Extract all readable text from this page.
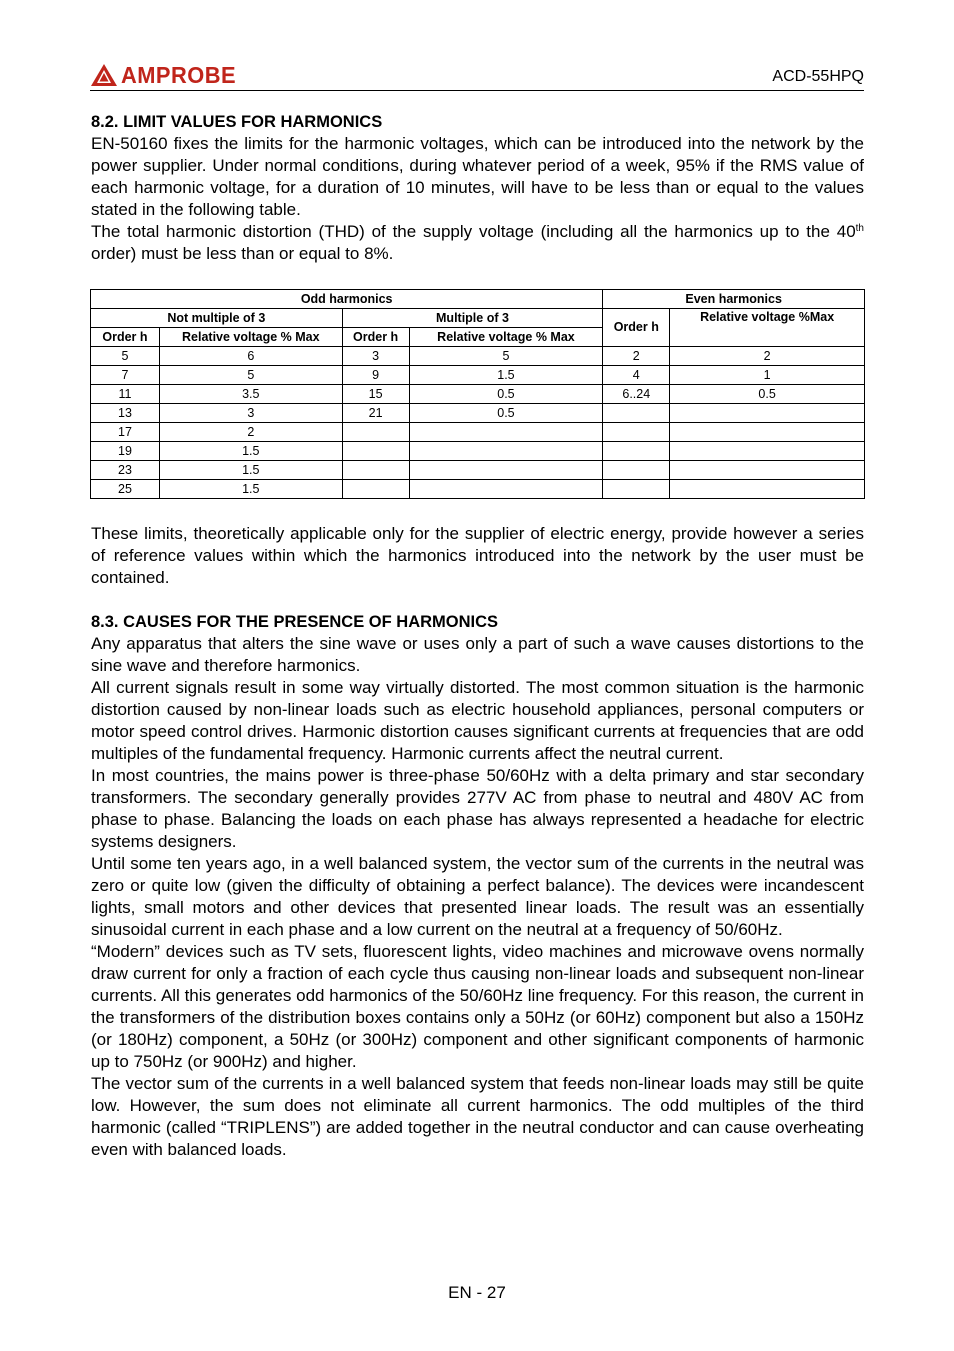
AMPROBE	ACD-55HPQ
8.2. LIMIT VALUES FOR HARMONICS

EN-50160 fixes the limits for the harmonic voltages, which can be introduced into the network by the power supplier. Under normal conditions, during whatever period of a week, 95% if the RMS value of each harmonic voltage, for a duration of 10 minutes, will have to be less than or equal to the values stated in the following table.

The total harmonic distortion (THD) of the supply voltage (including all the harmonics up to the 40th order) must be less than or equal to 8%.

Odd harmonics				Even harmonics	
Not multiple of 3		Multiple of 3		Order h	Relative voltage %Max
Order h	Relative voltage % Max	Order h	Relative voltage % Max		
5	6	3	5	2	2
7	5	9	1.5	4	1
11	3.5	15	0.5	6..24	0.5
13	3	21	0.5		
17	2				
19	1.5				
23	1.5				
25	1.5				

These limits, theoretically applicable only for the supplier of electric energy, provide however a series of reference values within which the harmonics introduced into the network by the user must be contained.

8.3. CAUSES FOR THE PRESENCE OF HARMONICS

Any apparatus that alters the sine wave or uses only a part of such a wave causes distortions to the sine wave and therefore harmonics.

All current signals result in some way virtually distorted. The most common situation is the harmonic distortion caused by non-linear loads such as electric household appliances, personal computers or motor speed control drives. Harmonic distortion causes significant currents at frequencies that are odd multiples of the fundamental frequency. Harmonic currents affect the neutral current.

In most countries, the mains power is three-phase 50/60Hz with a delta primary and star secondary transformers. The secondary generally provides 277V AC from phase to neutral and 480V AC from phase to phase. Balancing the loads on each phase has always represented a headache for electric systems designers.

Until some ten years ago, in a well balanced system, the vector sum of the currents in the neutral was zero or quite low (given the difficulty of obtaining a perfect balance). The devices were incandescent lights, small motors and other devices that presented linear loads. The result was an essentially sinusoidal current in each phase and a low current on the neutral at a frequency of 50/60Hz.

“Modern” devices such as TV sets, fluorescent lights, video machines and microwave ovens normally draw current for only a fraction of each cycle thus causing non-linear loads and subsequent non-linear currents. All this generates odd harmonics of the 50/60Hz line frequency. For this reason, the current in the transformers of the distribution boxes contains only a 50Hz (or 60Hz) component but also a 150Hz (or 180Hz) component, a 50Hz (or 300Hz) component and other significant components of harmonic up to 750Hz (or 900Hz) and higher.

The vector sum of the currents in a well balanced system that feeds non-linear loads may still be quite low. However, the sum does not eliminate all current harmonics. The odd multiples of the third harmonic (called “TRIPLENS”) are added together in the neutral conductor and can cause overheating even with balanced loads.

EN - 27
